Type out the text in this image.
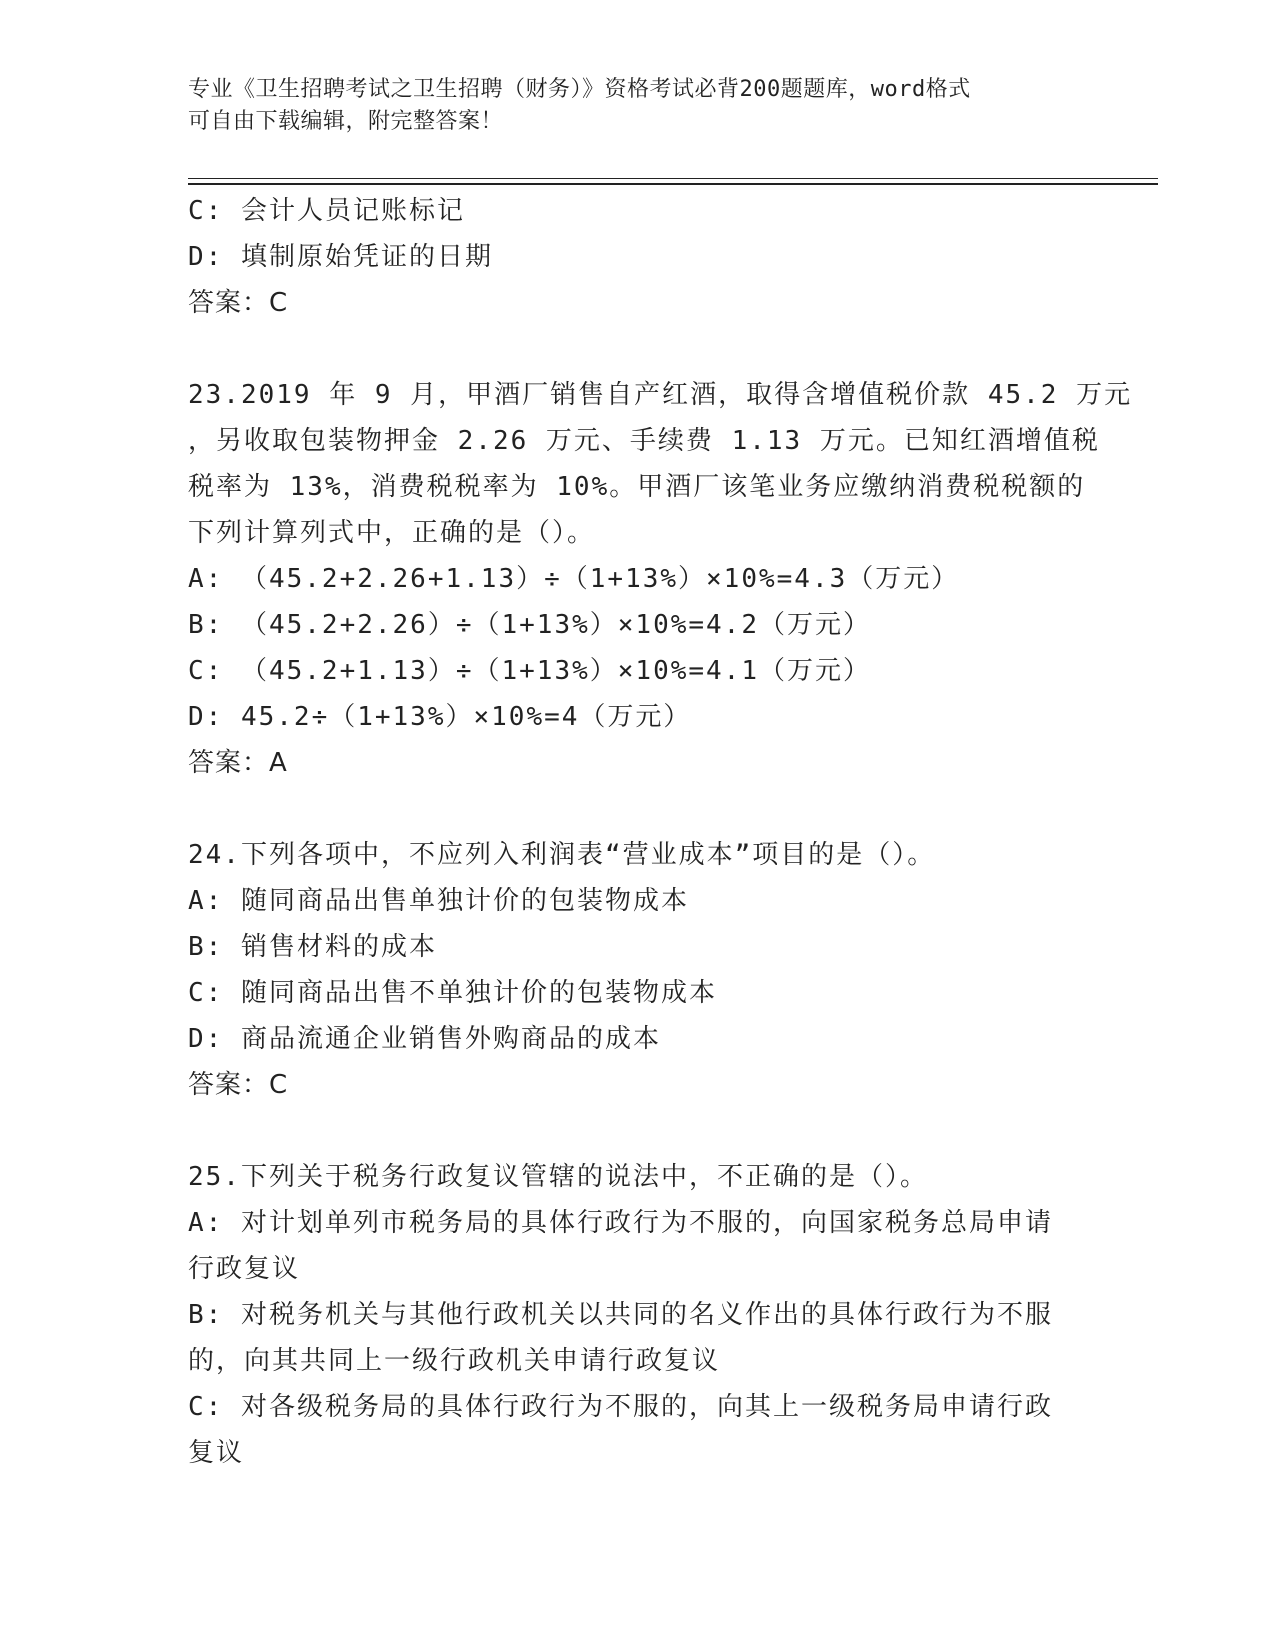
专业《卫生招聘考试之卫生招聘（财务）》资格考试必背200题题库，word格式
可自由下载编辑，附完整答案！

C: 会计人员记账标记

D: 填制原始凭证的日期

答案：C

23.2019 年 9 月，甲酒厂销售自产红酒，取得含增值税价款 45.2 万元

，另收取包装物押金 2.26 万元、手续费 1.13 万元。已知红酒增值税

税率为 13%，消费税税率为 10%。甲酒厂该笔业务应缴纳消费税税额的

下列计算列式中，正确的是（）。

A: （45.2+2.26+1.13）÷（1+13%）×10%=4.3（万元）

B: （45.2+2.26）÷（1+13%）×10%=4.2（万元）

C: （45.2+1.13）÷（1+13%）×10%=4.1（万元）

D: 45.2÷（1+13%）×10%=4（万元）

答案：A

24.下列各项中，不应列入利润表“营业成本”项目的是（）。

A: 随同商品出售单独计价的包装物成本

B: 销售材料的成本

C: 随同商品出售不单独计价的包装物成本

D: 商品流通企业销售外购商品的成本

答案：C

25.下列关于税务行政复议管辖的说法中，不正确的是（）。

A: 对计划单列市税务局的具体行政行为不服的，向国家税务总局申请

行政复议

B: 对税务机关与其他行政机关以共同的名义作出的具体行政行为不服

的，向其共同上一级行政机关申请行政复议

C: 对各级税务局的具体行政行为不服的，向其上一级税务局申请行政

复议
